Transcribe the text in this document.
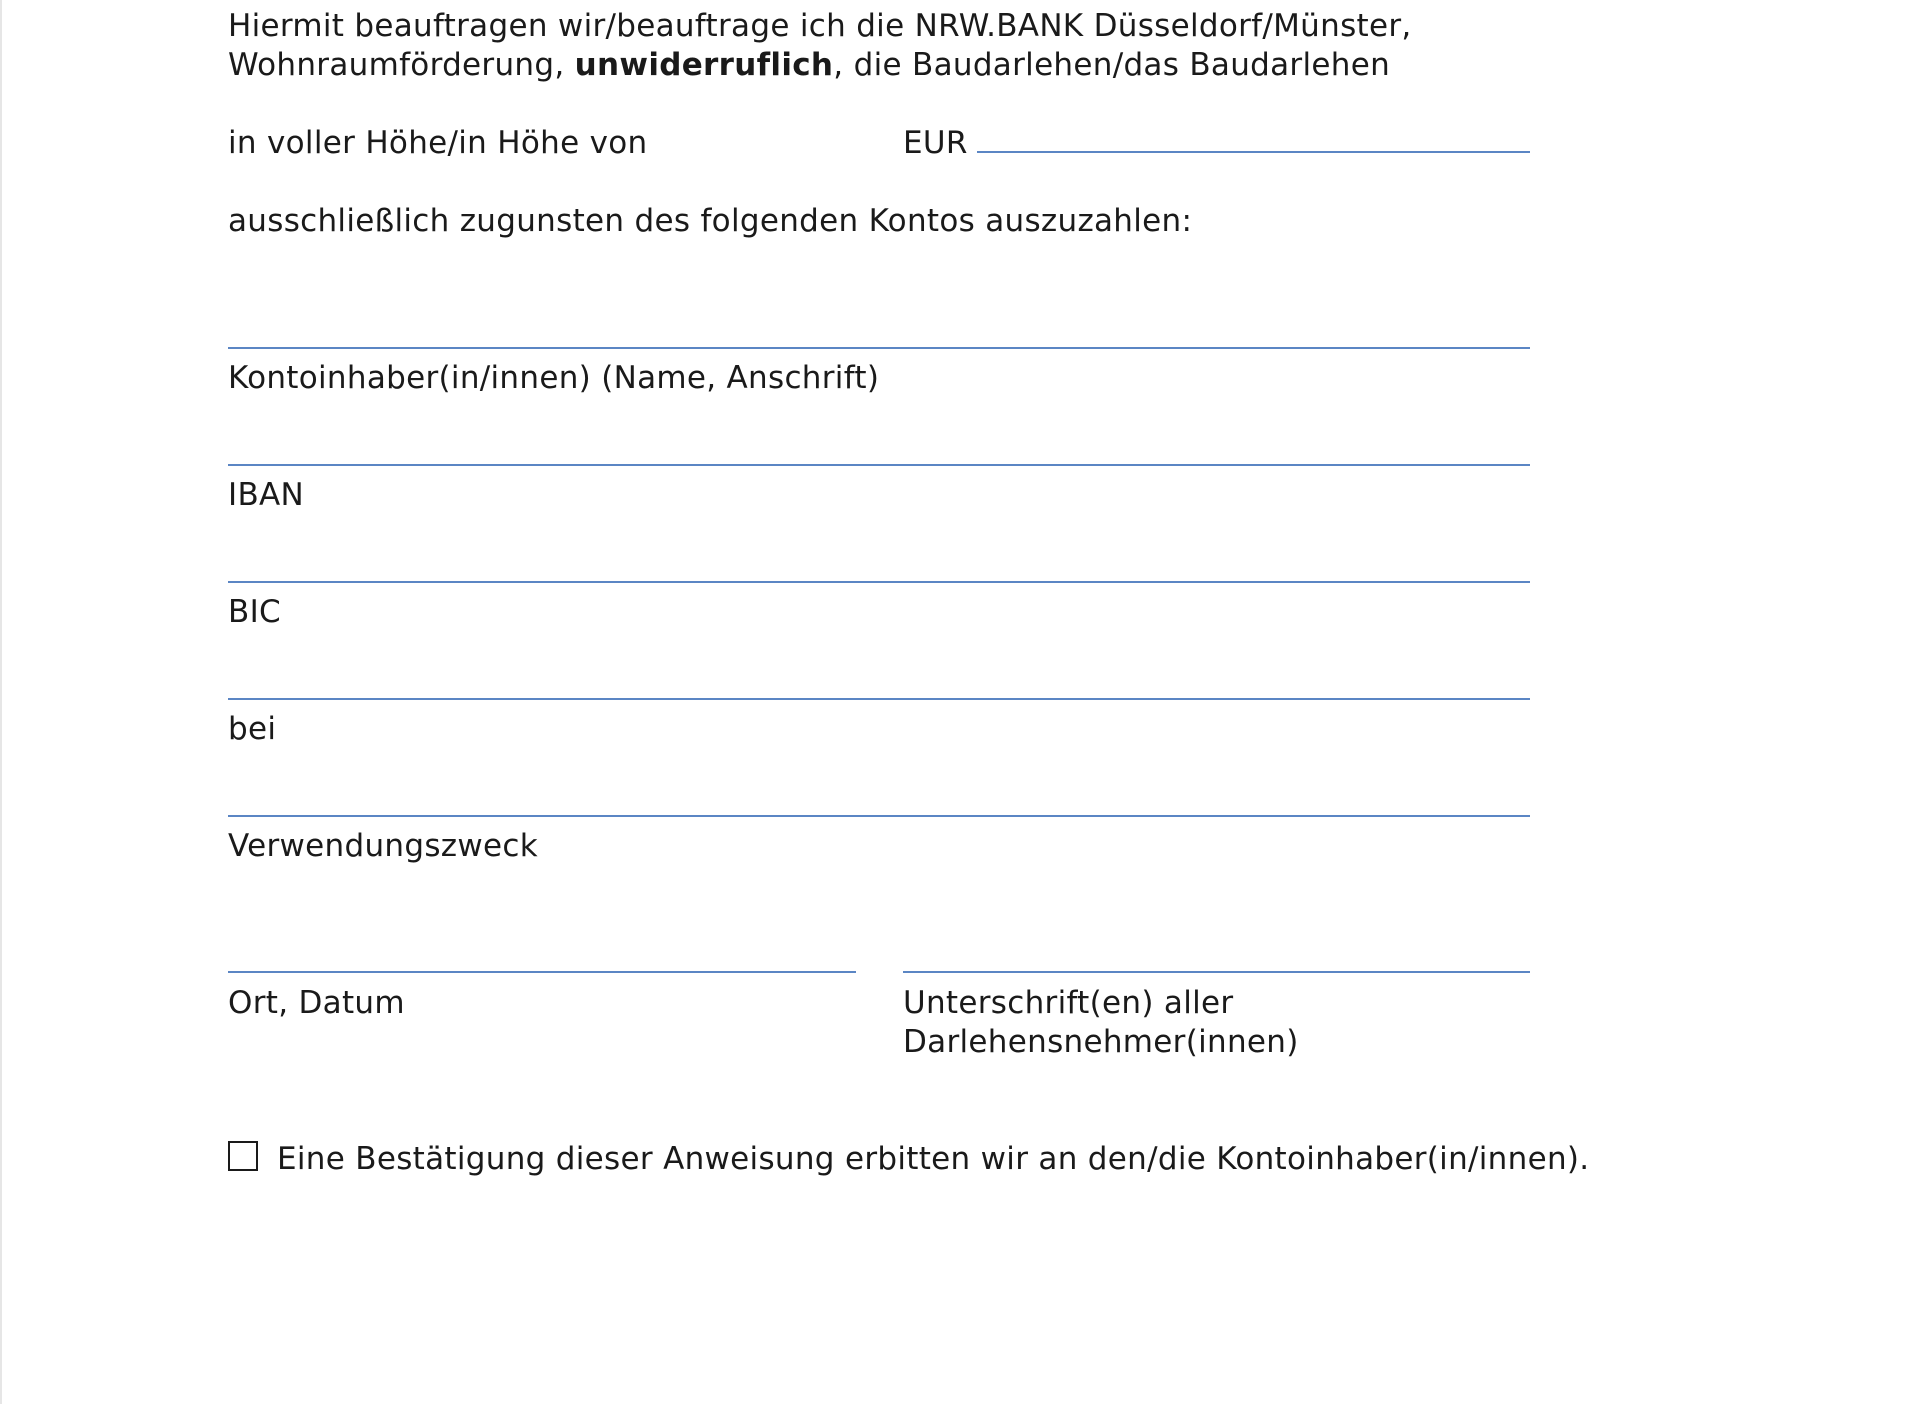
Hiermit beauftragen wir/beauftrage ich die NRW.BANK Düsseldorf/Münster,
Wohnraumförderung, unwiderruflich, die Baudarlehen/das Baudarlehen
in voller Höhe/in Höhe von	EUR
ausschließlich zugunsten des folgenden Kontos auszuzahlen:
Kontoinhaber(in/innen) (Name, Anschrift)
IBAN
BIC
bei
Verwendungszweck
Ort, Datum	Unterschrift(en) aller
Darlehensnehmer(innen)
Eine Bestätigung dieser Anweisung erbitten wir an den/die Kontoinhaber(in/innen).
